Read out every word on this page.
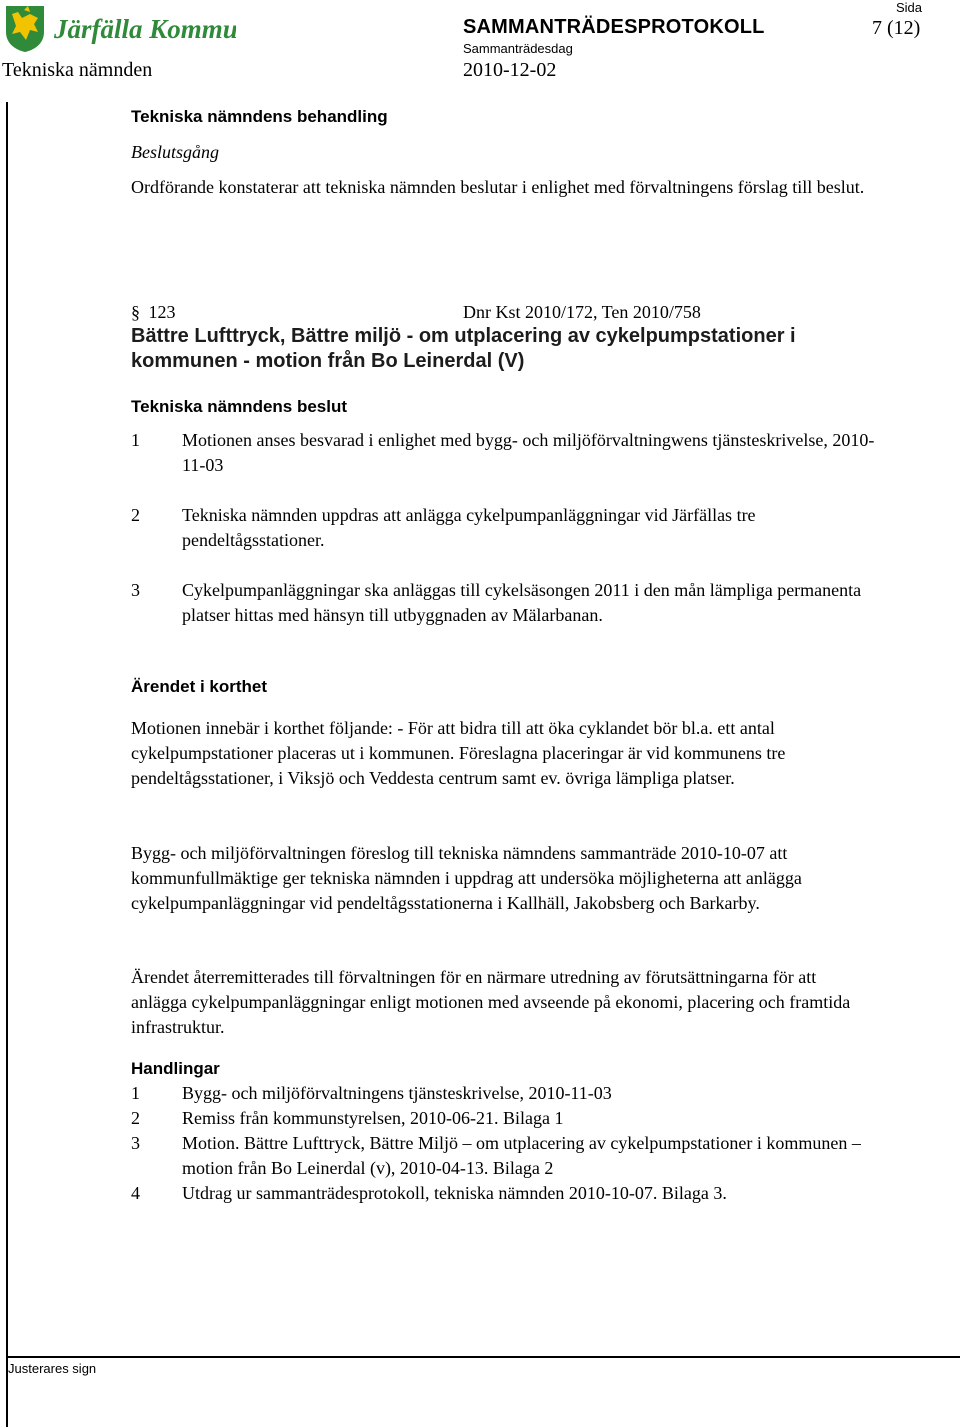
Järfälla Kommun	SAMMANTRÄDESPROTOKOLL
Sammanträdesdag
Sida
7 (12)
Tekniska nämnden	2010-12-02
Tekniska nämndens behandling
Beslutsgång
Ordförande konstaterar att tekniska nämnden beslutar i enlighet med förvaltningens förslag till beslut.
§ 123	Dnr Kst 2010/172, Ten 2010/758
Bättre Lufttryck, Bättre miljö - om utplacering av cykelpumpstationer i kommunen - motion från Bo Leinerdal (V)
Tekniska nämndens beslut
1 Motionen anses besvarad i enlighet med bygg- och miljöförvaltningwens tjänsteskrivelse, 2010-11-03
2 Tekniska nämnden uppdras att anlägga cykelpumpanläggningar vid Järfällas tre pendeltågsstationer.
3 Cykelpumpanläggningar ska anläggas till cykelsäsongen 2011 i den mån lämpliga permanenta platser hittas med hänsyn till utbyggnaden av Mälarbanan.
Ärendet i korthet
Motionen innebär i korthet följande: - För att bidra till att öka cyklandet bör bl.a. ett antal cykelpumpstationer placeras ut i kommunen. Föreslagna placeringar är vid kommunens tre pendeltågsstationer, i Viksjö och Veddesta centrum samt ev. övriga lämpliga platser.
Bygg- och miljöförvaltningen föreslog till tekniska nämndens sammanträde 2010-10-07 att kommunfullmäktige ger tekniska nämnden i uppdrag att undersöka möjligheterna att anlägga cykelpumpanläggningar vid pendeltågsstationerna i Kallhäll, Jakobsberg och Barkarby.
Ärendet återremitterades till förvaltningen för en närmare utredning av förutsättningarna för att anlägga cykelpumpanläggningar enligt motionen med avseende på ekonomi, placering och framtida infrastruktur.
Handlingar
1 Bygg- och miljöförvaltningens tjänsteskrivelse, 2010-11-03
2 Remiss från kommunstyrelsen, 2010-06-21. Bilaga 1
3 Motion. Bättre Lufttryck, Bättre Miljö – om utplacering av cykelpumpstationer i kommunen – motion från Bo Leinerdal (v), 2010-04-13. Bilaga 2
4 Utdrag ur sammanträdesprotokoll, tekniska nämnden 2010-10-07. Bilaga 3.
Justerares sign
